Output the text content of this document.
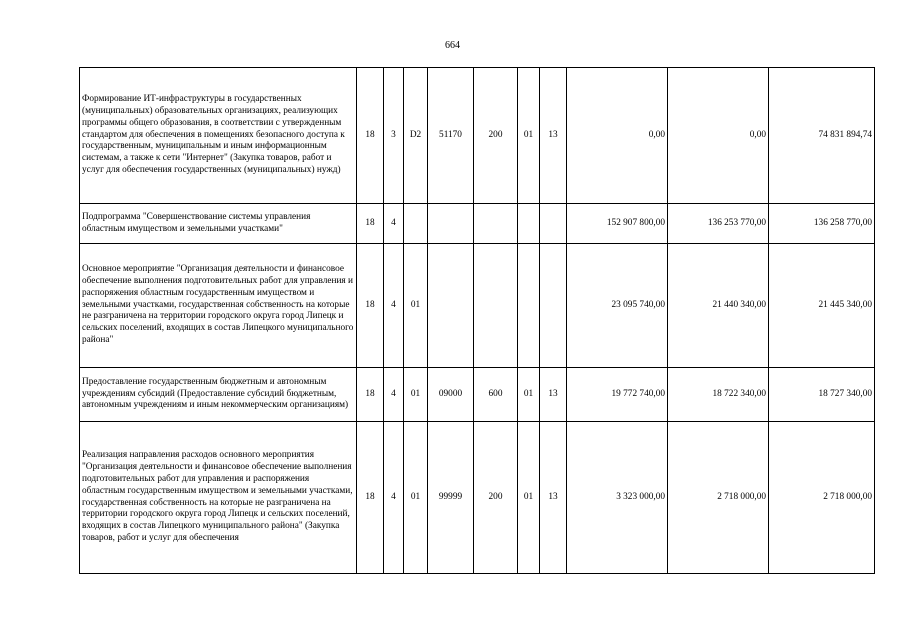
664
Формирование ИТ-инфраструктуры в государственных (муниципальных) образовательных организациях, реализующих программы общего образования, в соответствии с утвержденным стандартом для обеспечения в помещениях безопасного доступа к государственным, муниципальным и иным информационным системам, а также к сети "Интернет" (Закупка товаров, работ и услуг для обеспечения государственных (муниципальных) нужд)	18	3	D2	51170	200	01	13	0,00	0,00	74 831 894,74
Подпрограмма "Совершенствование системы управления областным имуществом и земельными участками"	18	4						152 907 800,00	136 253 770,00	136 258 770,00
Основное мероприятие "Организация деятельности и финансовое обеспечение выполнения подготовительных работ для управления и распоряжения областным государственным имуществом и земельными участками, государственная собственность на которые не разграничена на территории городского округа город Липецк и сельских поселений, входящих в состав Липецкого муниципального района"	18	4	01					23 095 740,00	21 440 340,00	21 445 340,00
Предоставление государственным бюджетным и автономным учреждениям субсидий (Предоставление субсидий бюджетным, автономным учреждениям и иным некоммерческим организациям)	18	4	01	09000	600	01	13	19 772 740,00	18 722 340,00	18 727 340,00
Реализация направления расходов основного мероприятия "Организация деятельности и финансовое обеспечение выполнения подготовительных работ для управления и распоряжения областным государственным имуществом и земельными участками, государственная собственность на которые не разграничена на территории городского округа город Липецк и сельских поселений, входящих в состав Липецкого муниципального района" (Закупка товаров, работ и услуг для обеспечения	18	4	01	99999	200	01	13	3 323 000,00	2 718 000,00	2 718 000,00
